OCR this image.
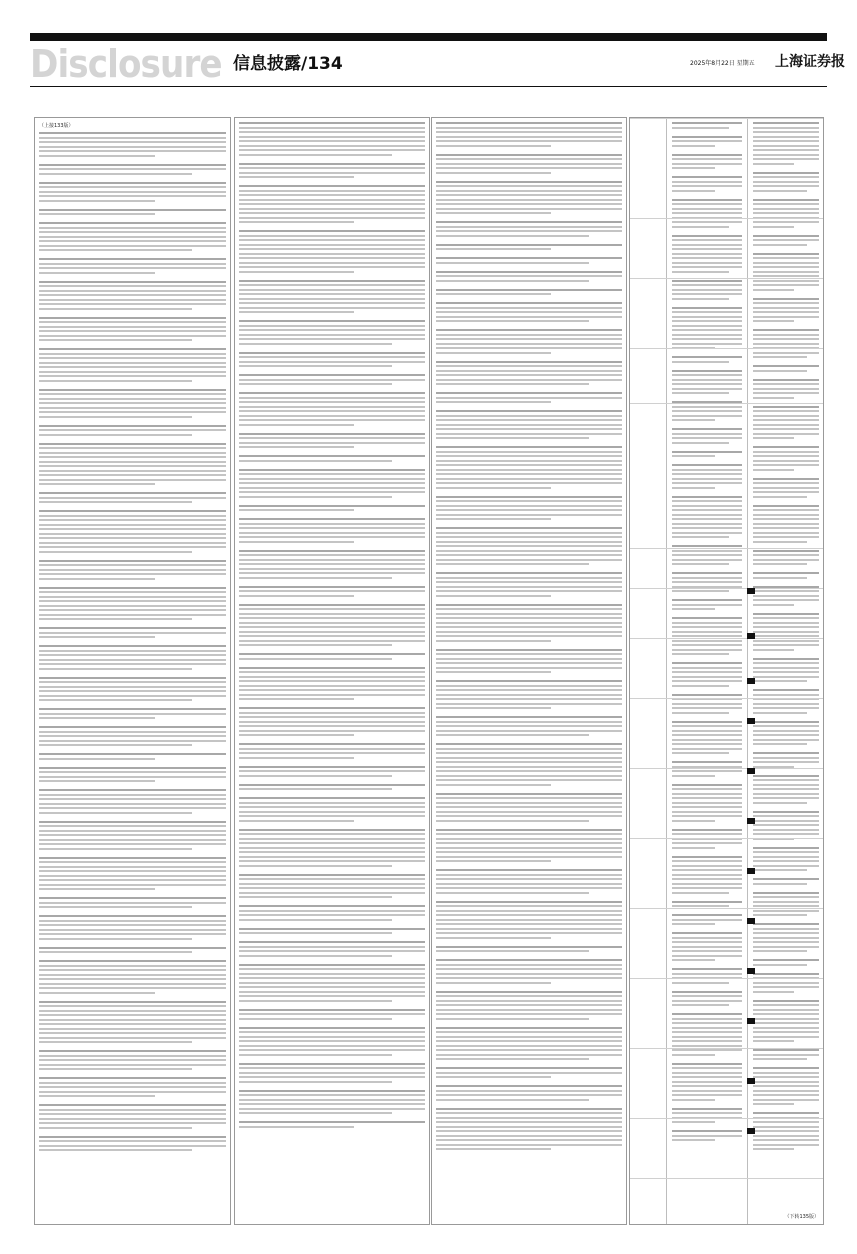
Disclosure 信息披露/134	2025年8月22日 星期五 上海证券报
（上接133版）
（下转135版）
